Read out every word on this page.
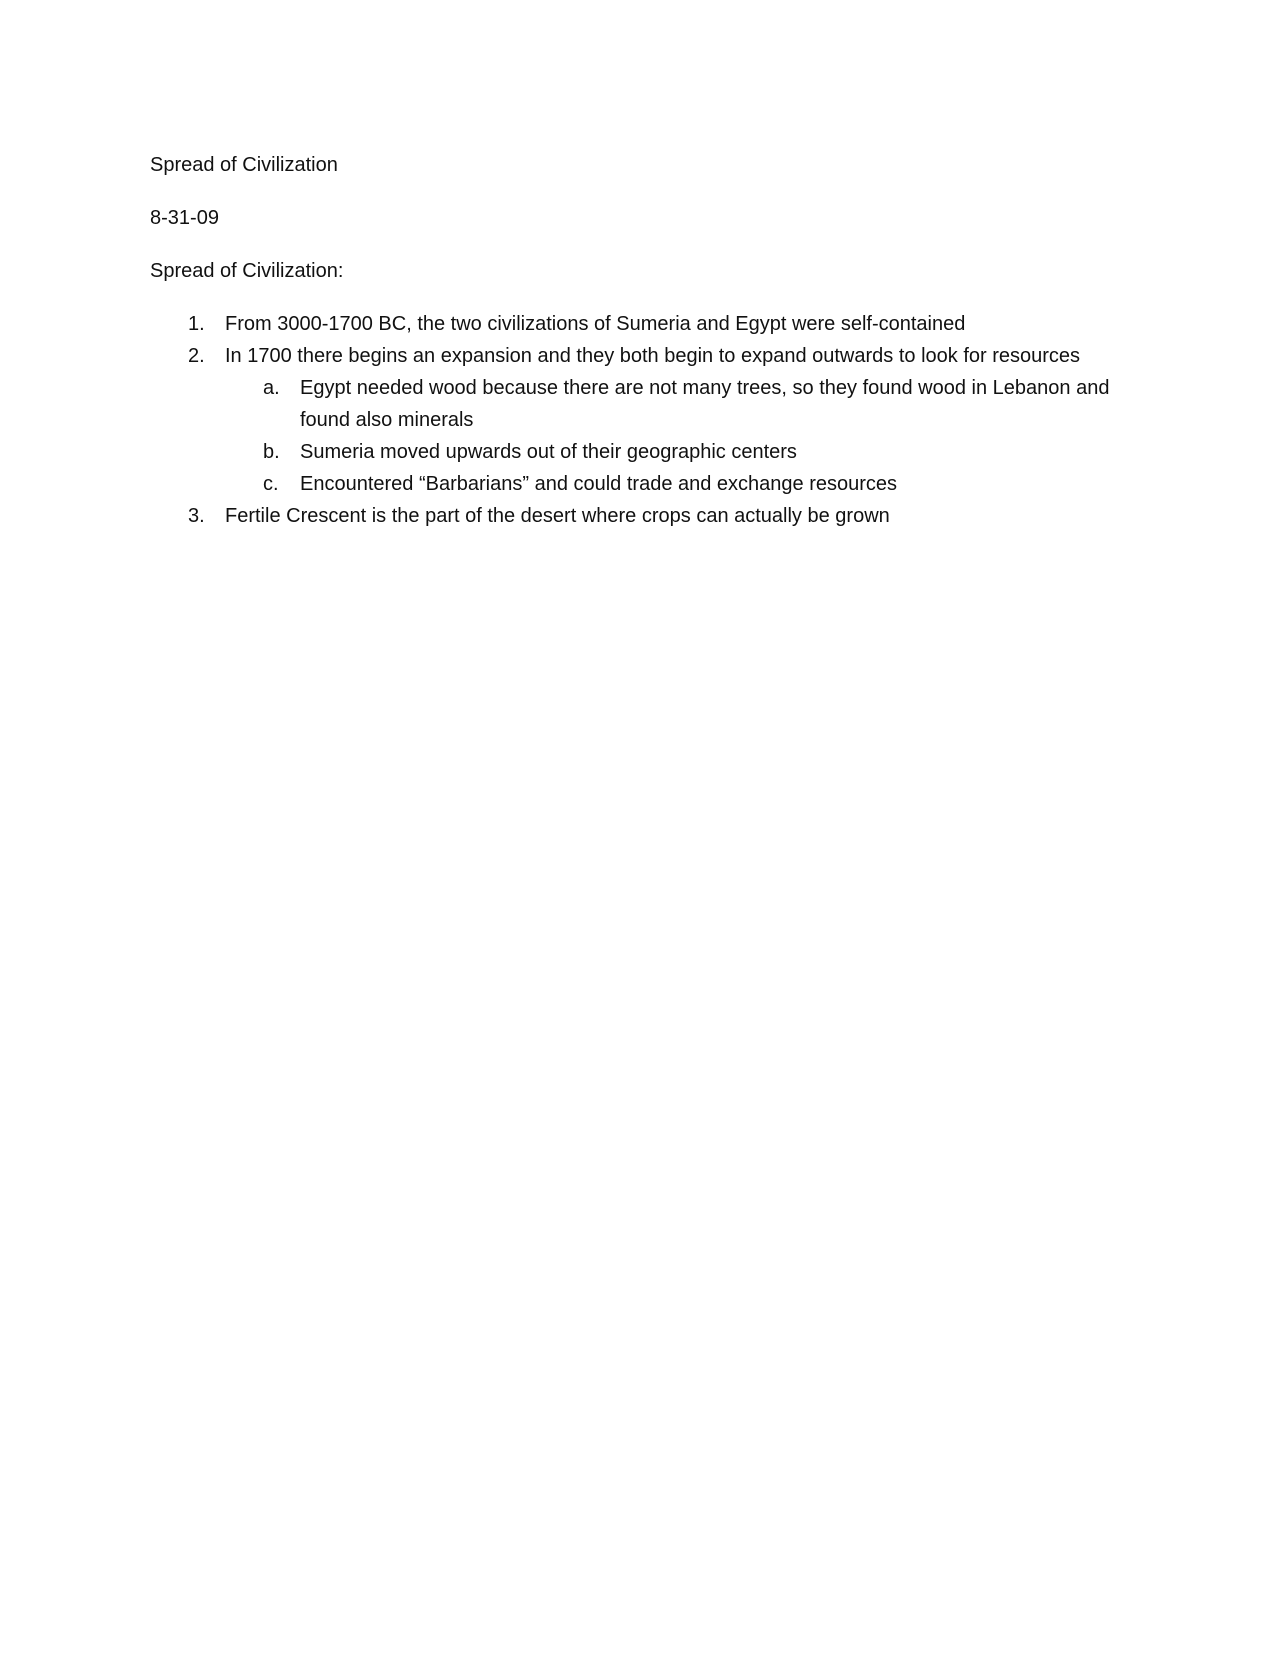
Spread of Civilization

8-31-09

Spread of Civilization:

1. From 3000-1700 BC, the two civilizations of Sumeria and Egypt were self-contained
2. In 1700 there begins an expansion and they both begin to expand outwards to look for resources
a. Egypt needed wood because there are not many trees, so they found wood in Lebanon and found also minerals
b. Sumeria moved upwards out of their geographic centers
c. Encountered “Barbarians” and could trade and exchange resources
3. Fertile Crescent is the part of the desert where crops can actually be grown
